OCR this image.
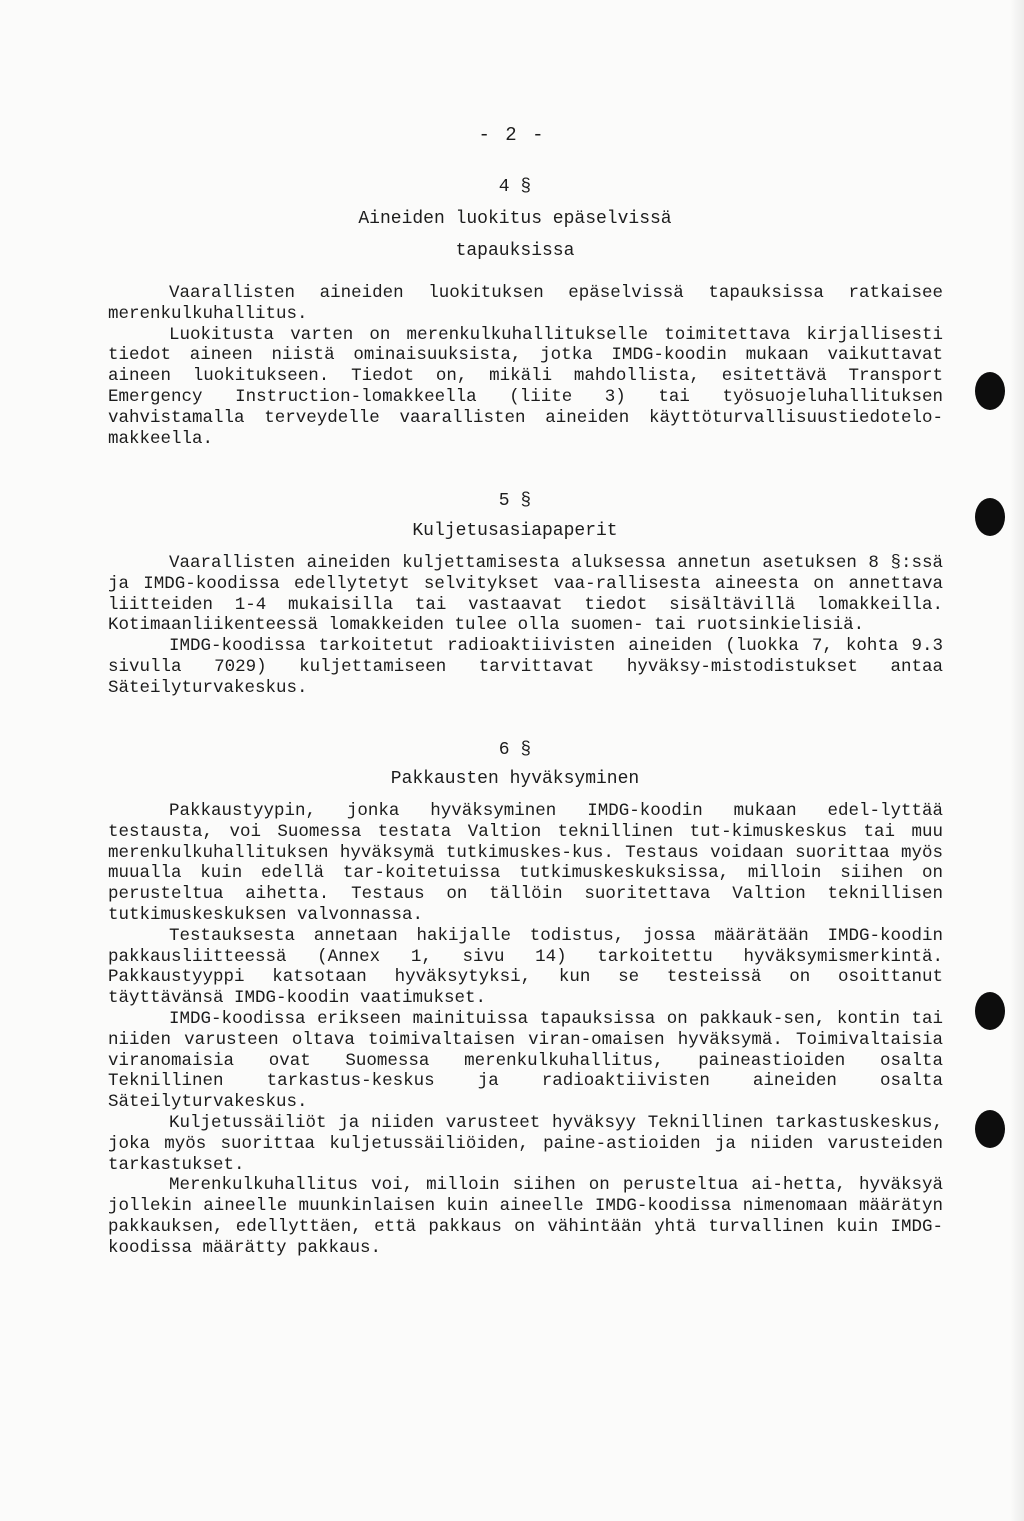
- 2 -
4 §
Aineiden luokitus epäselvissä
tapauksissa

Vaarallisten aineiden luokituksen epäselvissä tapauksissa ratkaisee merenkulkuhallitus.

Luokitusta varten on merenkulkuhallitukselle toimitettava kirjallisesti tiedot aineen niistä ominaisuuksista, jotka IMDG-koodin mukaan vaikuttavat aineen luokitukseen. Tiedot on, mikäli mahdollista, esitettävä Transport Emergency Instruction-lomakkeella (liite 3) tai työsuojeluhallituksen vahvistamalla terveydelle vaarallisten aineiden käyttöturvallisuustiedotelo-makkeella.

5 §
Kuljetusasiapaperit

Vaarallisten aineiden kuljettamisesta aluksessa annetun asetuksen 8 §:ssä ja IMDG-koodissa edellytetyt selvitykset vaa-rallisesta aineesta on annettava liitteiden 1-4 mukaisilla tai vastaavat tiedot sisältävillä lomakkeilla. Kotimaanliikenteessä lomakkeiden tulee olla suomen- tai ruotsinkielisiä.

IMDG-koodissa tarkoitetut radioaktiivisten aineiden (luokka 7, kohta 9.3 sivulla 7029) kuljettamiseen tarvittavat hyväksy-mistodistukset antaa Säteilyturvakeskus.

6 §
Pakkausten hyväksyminen

Pakkaustyypin, jonka hyväksyminen IMDG-koodin mukaan edel-lyttää testausta, voi Suomessa testata Valtion teknillinen tut-kimuskeskus tai muu merenkulkuhallituksen hyväksymä tutkimuskes-kus. Testaus voidaan suorittaa myös muualla kuin edellä tar-koitetuissa tutkimuskeskuksissa, milloin siihen on perusteltua aihetta. Testaus on tällöin suoritettava Valtion teknillisen tutkimuskeskuksen valvonnassa.

Testauksesta annetaan hakijalle todistus, jossa määrätään IMDG-koodin pakkausliitteessä (Annex 1, sivu 14) tarkoitettu hyväksymismerkintä. Pakkaustyyppi katsotaan hyväksytyksi, kun se testeissä on osoittanut täyttävänsä IMDG-koodin vaatimukset.

IMDG-koodissa erikseen mainituissa tapauksissa on pakkauk-sen, kontin tai niiden varusteen oltava toimivaltaisen viran-omaisen hyväksymä. Toimivaltaisia viranomaisia ovat Suomessa merenkulkuhallitus, paineastioiden osalta Teknillinen tarkastus-keskus ja radioaktiivisten aineiden osalta Säteilyturvakeskus.

Kuljetussäiliöt ja niiden varusteet hyväksyy Teknillinen tarkastuskeskus, joka myös suorittaa kuljetussäiliöiden, paine-astioiden ja niiden varusteiden tarkastukset.

Merenkulkuhallitus voi, milloin siihen on perusteltua ai-hetta, hyväksyä jollekin aineelle muunkinlaisen kuin aineelle IMDG-koodissa nimenomaan määrätyn pakkauksen, edellyttäen, että pakkaus on vähintään yhtä turvallinen kuin IMDG-koodissa määrätty pakkaus.
